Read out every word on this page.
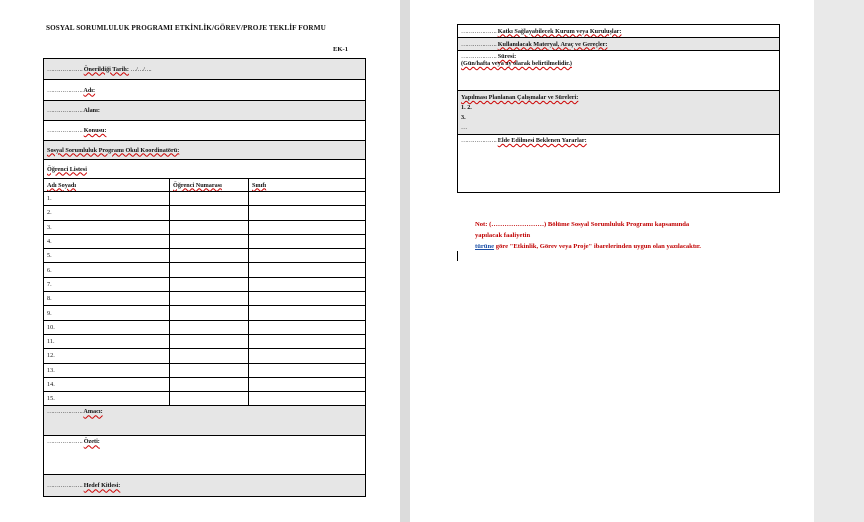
SOSYAL SORUMLULUK PROGRAMI ETKİNLİK/GÖREV/PROJE TEKLİF FORMU
EK-1
………………. Önerildiği Tarih: …/…/….		
………………. Adı:		
………………. Alanı:		
………………. Konusu:		
Sosyal Sorumluluk Programı Okul Koordinatörü:		
Öğrenci Listesi		
Adı Soyadı	Öğrenci Numarası	Sınıfı
1.		
2.		
3.		
4.		
5.		
6.		
7.		
8.		
9.		
10.		
11.		
12.		
13.		
14.		
15.		
………………. Amacı:		
………………. Özeti:		
………………. Hedef Kitlesi:		
………………. Katkı Sağlayabilecek Kurum veya Kuruluşlar:
………………. Kullanılacak Materyal, Araç ve Gereçler:

………………. Süresi:
(Gün/hafta veya ay olarak belirtilmelidir.)

Yapılması Planlanan Çalışmalar ve Süreleri:
1. 2.
3.
…

………………. Elde Edilmesi Beklenen Yararlar:
Not: (……………………) Bölüme Sosyal Sorumluluk Programı kapsamında
yapılacak faaliyetin
türüne göre "Etkinlik, Görev veya Proje" ibarelerinden uygun olan yazılacaktır.
